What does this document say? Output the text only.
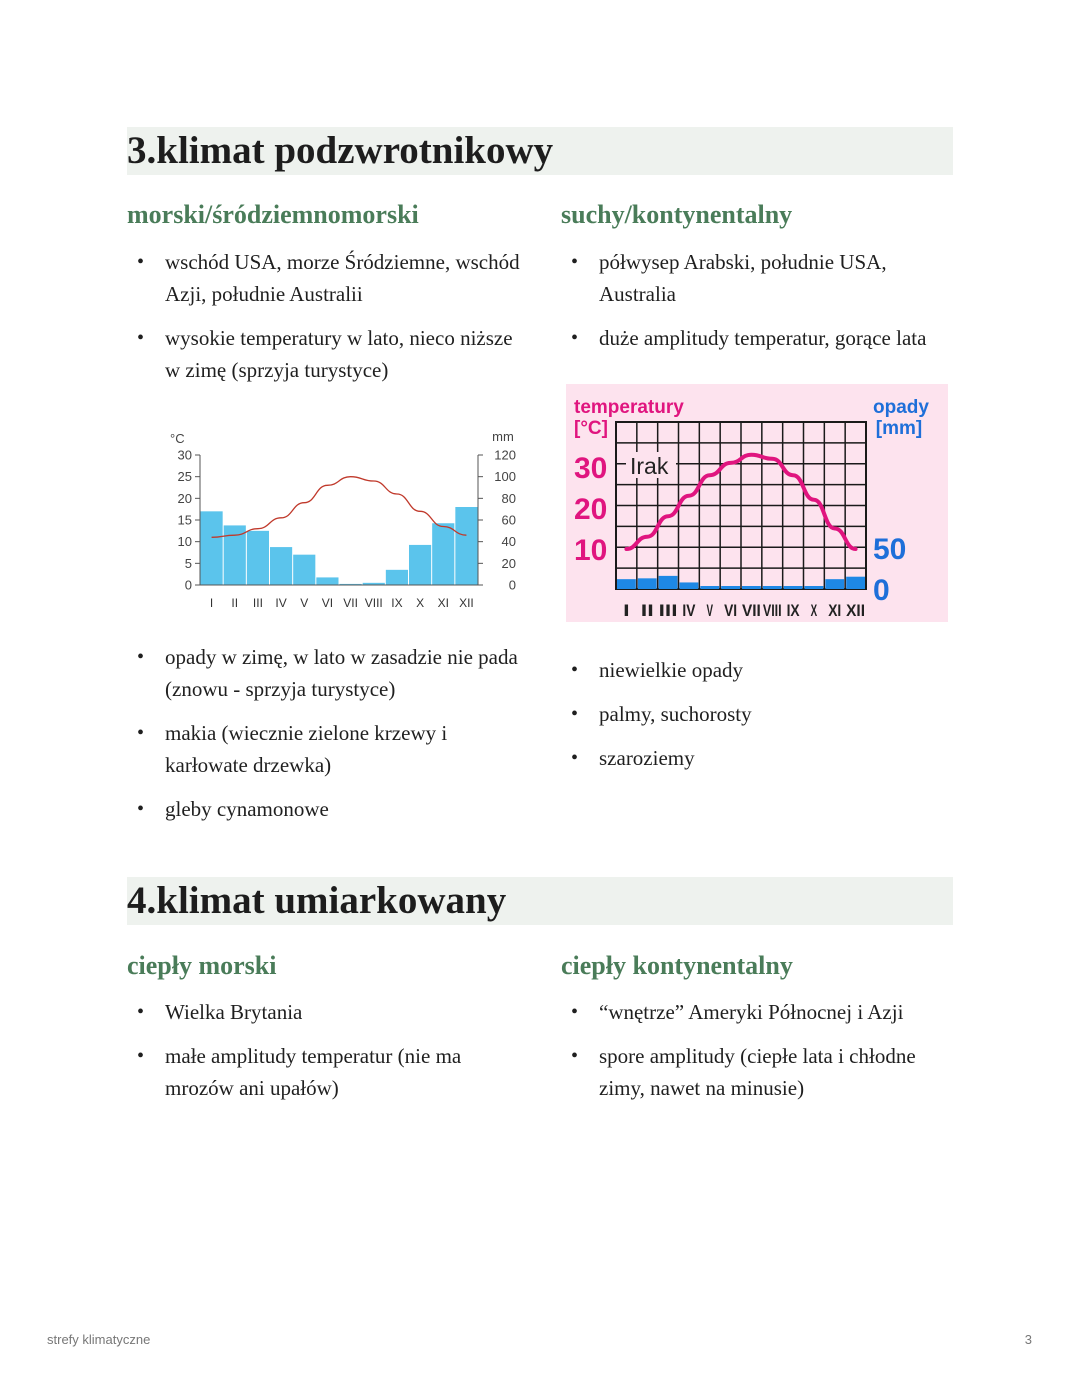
3.klimat podzwrotnikowy
morski/śródziemnomorski	suchy/kontynentalny
• wschód USA, morze Śródziemne, wschód Azji, południe Australii
• wysokie temperatury w lato, nieco niższe w zimę (sprzyja turystyce)
• półwysep Arabski, południe USA, Australia
• duże amplitudy temperatur, gorące lata
°C	mm
30
25
20
15
10
5
0
120
100
80
60
40
20
0
I II III IV V VI VII VIII IX X XI XII
temperatury
[°C]
opady
[mm]
30
20
10	50
0
I II III IV V VI VII VIII IX X XI XII
Irak
• opady w zimę, w lato w zasadzie nie pada (znowu - sprzyja turystyce)
• makia (wiecznie zielone krzewy i karłowate drzewka)
• gleby cynamonowe
• niewielkie opady
• palmy, suchorosty
• szaroziemy
4.klimat umiarkowany
ciepły morski	ciepły kontynentalny
• Wielka Brytania
• małe amplitudy temperatur (nie ma mrozów ani upałów)
• “wnętrze” Ameryki Północnej i Azji
• spore amplitudy (ciepłe lata i chłodne zimy, nawet na minusie)
strefy klimatyczne	3
